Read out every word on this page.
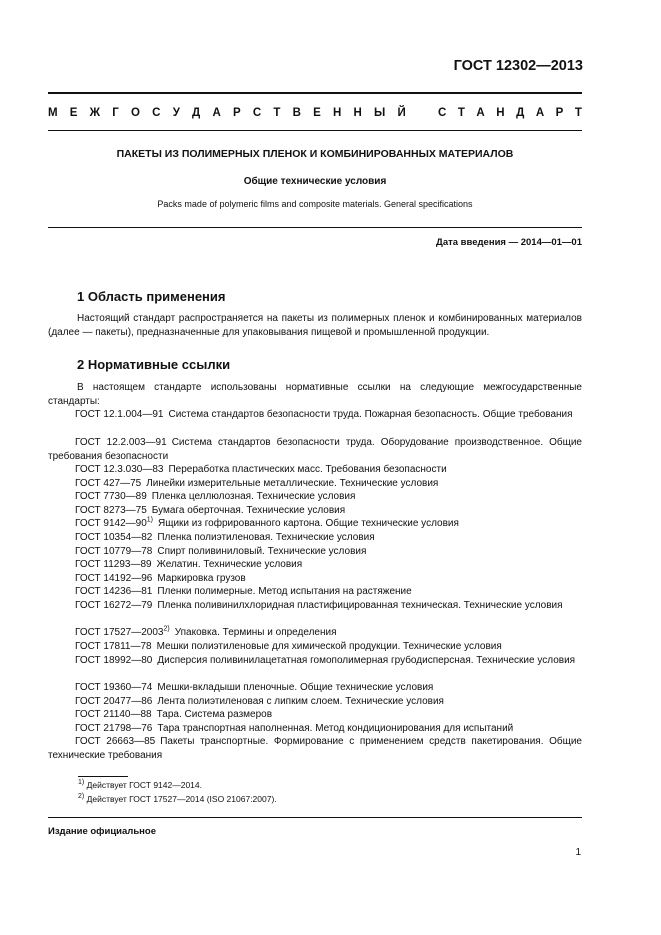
ГОСТ 12302—2013
М Е Ж Г О С У Д А Р С Т В Е Н Н Ы Й	С Т А Н Д А Р Т
ПАКЕТЫ ИЗ ПОЛИМЕРНЫХ ПЛЕНОК И КОМБИНИРОВАННЫХ МАТЕРИАЛОВ
Общие технические условия
Packs made of polymeric films and composite materials. General specifications
Дата введения — 2014—01—01
1 Область применения
Настоящий стандарт распространяется на пакеты из полимерных пленок и комбинированных материалов (далее — пакеты), предназначенные для упаковывания пищевой и промышленной продукции.
2 Нормативные ссылки
В настоящем стандарте использованы нормативные ссылки на следующие межгосударственные стандарты:
ГОСТ 12.1.004—91  Система стандартов безопасности труда. Пожарная безопасность. Общие требования
ГОСТ 12.2.003—91  Система стандартов безопасности труда. Оборудование производственное. Общие требования безопасности
ГОСТ 12.3.030—83  Переработка пластических масс. Требования безопасности
ГОСТ 427—75  Линейки измерительные металлические. Технические условия
ГОСТ 7730—89  Пленка целлюлозная. Технические условия
ГОСТ 8273—75  Бумага оберточная. Технические условия
ГОСТ 9142—90$^{1)}$  Ящики из гофрированного картона. Общие технические условия
ГОСТ 10354—82  Пленка полиэтиленовая. Технические условия
ГОСТ 10779—78  Спирт поливиниловый. Технические условия
ГОСТ 11293—89  Желатин. Технические условия
ГОСТ 14192—96  Маркировка грузов
ГОСТ 14236—81  Пленки полимерные. Метод испытания на растяжение
ГОСТ 16272—79  Пленка поливинилхлоридная пластифицированная техническая. Технические условия
ГОСТ 17527—2003$^{2)}$  Упаковка. Термины и определения
ГОСТ 17811—78  Мешки полиэтиленовые для химической продукции. Технические условия
ГОСТ 18992—80  Дисперсия поливинилацетатная гомополимерная грубодисперсная. Технические условия
ГОСТ 19360—74  Мешки-вкладыши пленочные. Общие технические условия
ГОСТ 20477—86  Лента полиэтиленовая с липким слоем. Технические условия
ГОСТ 21140—88  Тара. Система размеров
ГОСТ 21798—76  Тара транспортная наполненная. Метод кондиционирования для испытаний
ГОСТ 26663—85  Пакеты транспортные. Формирование с применением средств пакетирования. Общие технические требования
$^{1)}$ Действует ГОСТ 9142—2014.
$^{2)}$ Действует ГОСТ 17527—2014 (ISO 21067:2007).
Издание официальное
1
